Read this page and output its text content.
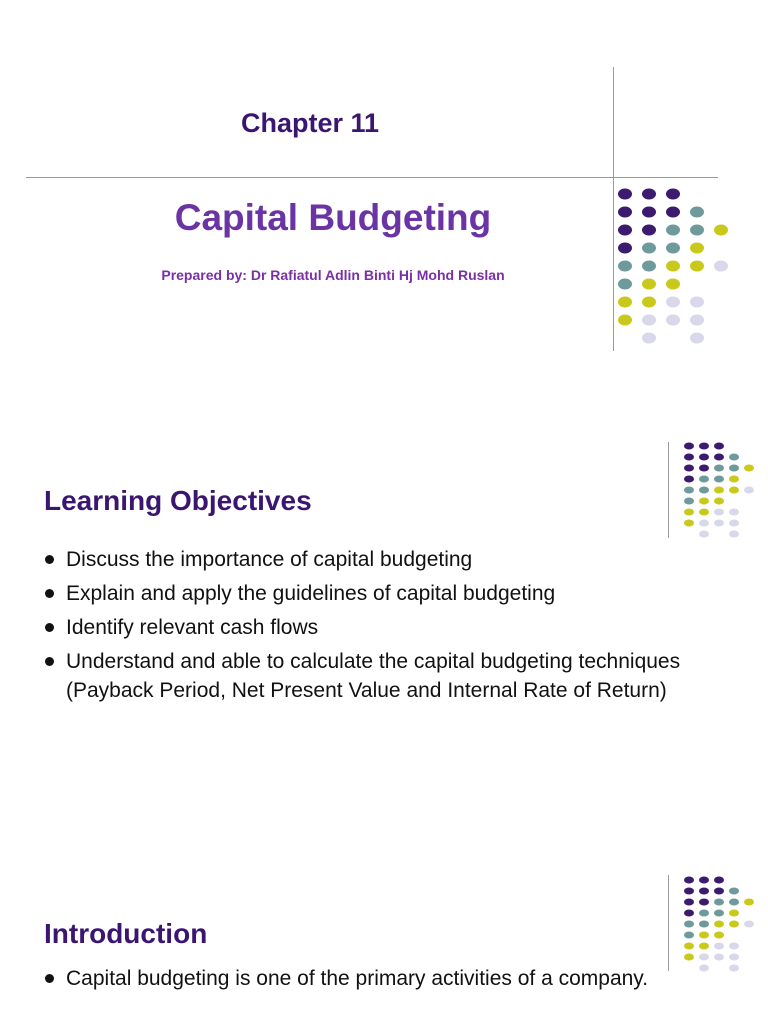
Chapter 11
Capital Budgeting
Prepared by: Dr Rafiatul Adlin Binti Hj Mohd Ruslan
Learning Objectives
Discuss the importance of capital budgeting
Explain and apply the guidelines of capital budgeting
Identify relevant cash flows
Understand and able to calculate the capital budgeting techniques (Payback Period, Net Present Value and Internal Rate of Return)
Introduction
Capital budgeting is one of the primary activities of a company.
